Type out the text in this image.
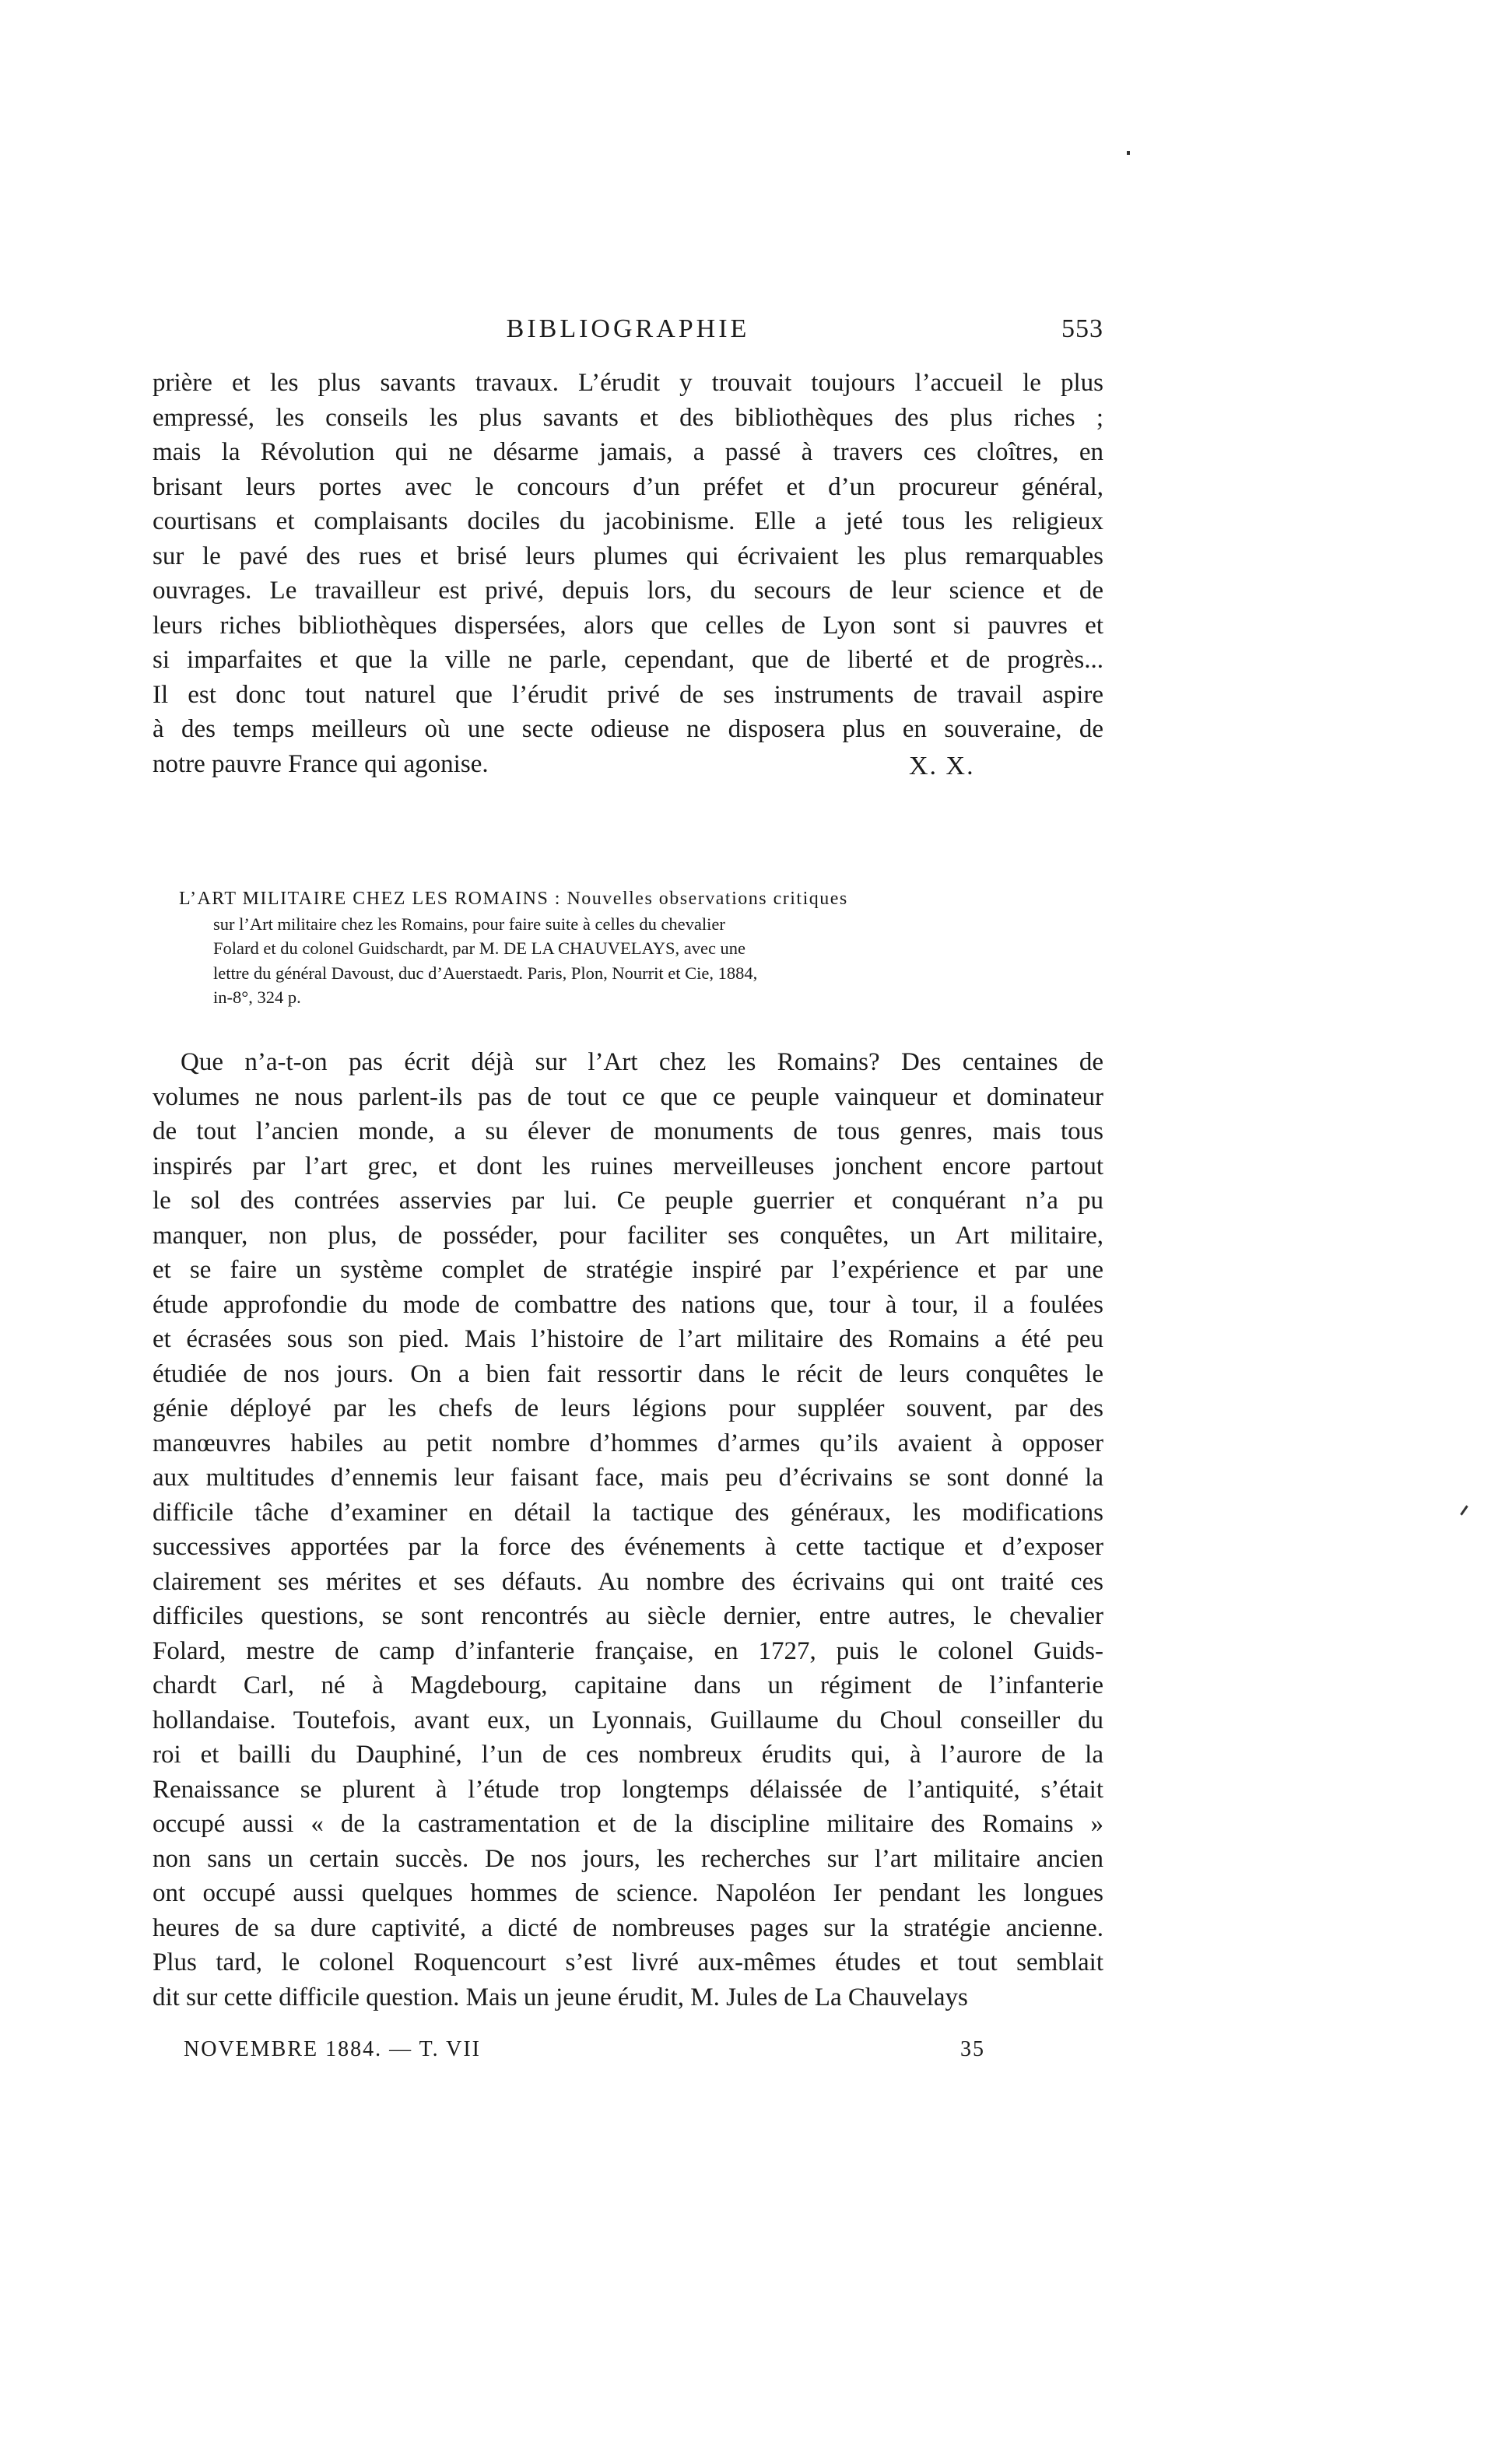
BIBLIOGRAPHIE	553
prière et les plus savants travaux. L’érudit y trouvait toujours l’accueil le plus
empressé, les conseils les plus savants et des bibliothèques des plus riches ;
mais la Révolution qui ne désarme jamais, a passé à travers ces cloîtres, en
brisant leurs portes avec le concours d’un préfet et d’un procureur général,
courtisans et complaisants dociles du jacobinisme. Elle a jeté tous les religieux
sur le pavé des rues et brisé leurs plumes qui écrivaient les plus remarquables
ouvrages. Le travailleur est privé, depuis lors, du secours de leur science et de
leurs riches bibliothèques dispersées, alors que celles de Lyon sont si pauvres et
si imparfaites et que la ville ne parle, cependant, que de liberté et de progrès...
Il est donc tout naturel que l’érudit privé de ses instruments de travail aspire
à des temps meilleurs où une secte odieuse ne disposera plus en souveraine, de
notre pauvre France qui agonise.	X. X.
L’ART MILITAIRE CHEZ LES ROMAINS : Nouvelles observations critiques
sur l’Art militaire chez les Romains, pour faire suite à celles du chevalier
Folard et du colonel Guidschardt, par M. DE LA CHAUVELAYS, avec une
lettre du général Davoust, duc d’Auerstaedt. Paris, Plon, Nourrit et Cie, 1884,
in-8°, 324 p.
Que n’a-t-on pas écrit déjà sur l’Art chez les Romains? Des centaines de
volumes ne nous parlent-ils pas de tout ce que ce peuple vainqueur et dominateur
de tout l’ancien monde, a su élever de monuments de tous genres, mais tous
inspirés par l’art grec, et dont les ruines merveilleuses jonchent encore partout
le sol des contrées asservies par lui. Ce peuple guerrier et conquérant n’a pu
manquer, non plus, de posséder, pour faciliter ses conquêtes, un Art militaire,
et se faire un système complet de stratégie inspiré par l’expérience et par une
étude approfondie du mode de combattre des nations que, tour à tour, il a foulées
et écrasées sous son pied. Mais l’histoire de l’art militaire des Romains a été peu
étudiée de nos jours. On a bien fait ressortir dans le récit de leurs conquêtes le
génie déployé par les chefs de leurs légions pour suppléer souvent, par des
manœuvres habiles au petit nombre d’hommes d’armes qu’ils avaient à opposer
aux multitudes d’ennemis leur faisant face, mais peu d’écrivains se sont donné la
difficile tâche d’examiner en détail la tactique des généraux, les modifications
successives apportées par la force des événements à cette tactique et d’exposer
clairement ses mérites et ses défauts. Au nombre des écrivains qui ont traité ces
difficiles questions, se sont rencontrés au siècle dernier, entre autres, le chevalier
Folard, mestre de camp d’infanterie française, en 1727, puis le colonel Guids-
chardt Carl, né à Magdebourg, capitaine dans un régiment de l’infanterie
hollandaise. Toutefois, avant eux, un Lyonnais, Guillaume du Choul conseiller du
roi et bailli du Dauphiné, l’un de ces nombreux érudits qui, à l’aurore de la
Renaissance se plurent à l’étude trop longtemps délaissée de l’antiquité, s’était
occupé aussi « de la castramentation et de la discipline militaire des Romains »
non sans un certain succès. De nos jours, les recherches sur l’art militaire ancien
ont occupé aussi quelques hommes de science. Napoléon Ier pendant les longues
heures de sa dure captivité, a dicté de nombreuses pages sur la stratégie ancienne.
Plus tard, le colonel Roquencourt s’est livré aux-mêmes études et tout semblait
dit sur cette difficile question. Mais un jeune érudit, M. Jules de La Chauvelays
NOVEMBRE 1884. — T. VII	35
